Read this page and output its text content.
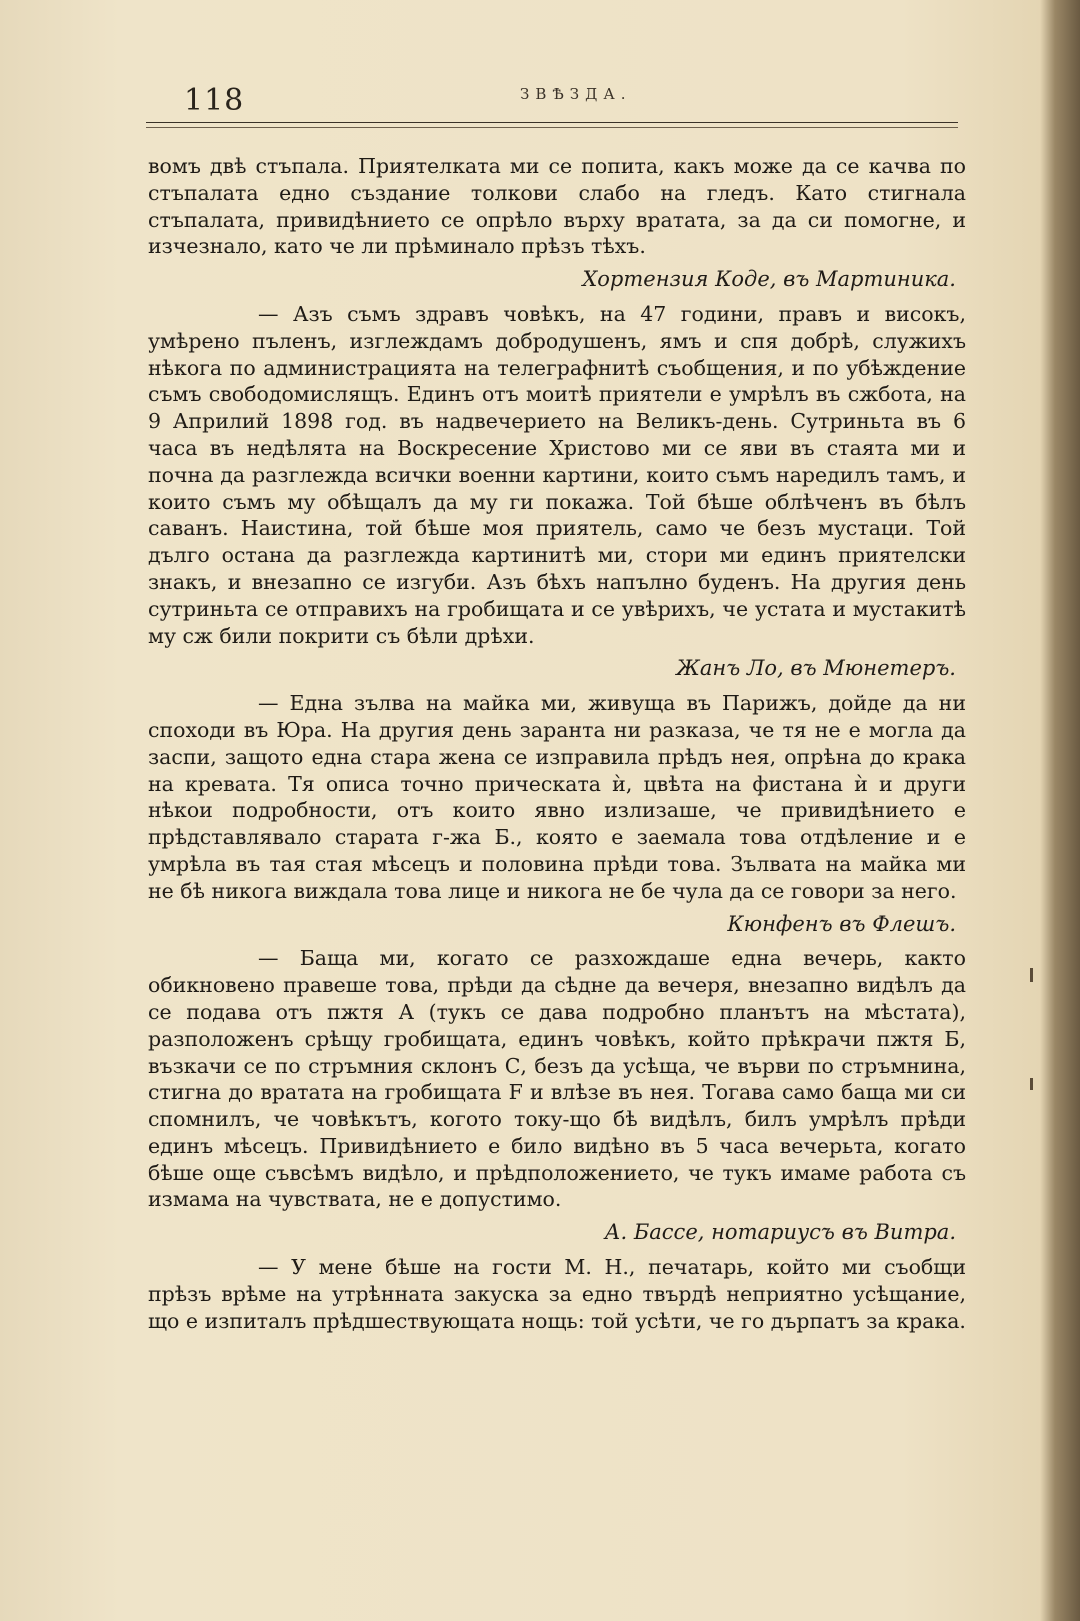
118	ЗВѢЗДА.

вомъ двѣ стъпала. Приятелката ми се попита, какъ може да се качва по стъпалата едно създание толкови слабо на гледъ. Като стигнала стъпалата, привидѣнието се опрѣло върху вратата, за да си помогне, и изчезнало, като че ли прѣминало прѣзъ тѣхъ.

Хортензия Коде, въ Мартиника.

— Азъ съмъ здравъ човѣкъ, на 47 години, правъ и високъ, умѣрено пъленъ, изглеждамъ добродушенъ, ямъ и спя добрѣ, служихъ нѣкога по администрацията на телеграфнитѣ съобщения, и по убѣждение съмъ свободомислящъ. Единъ отъ моитѣ приятели е умрѣлъ въ сжбота, на 9 Априлий 1898 год. въ надвечерието на Великъ-день. Сутриньта въ 6 часа въ недѣлята на Воскресение Христово ми се яви въ стаята ми и почна да разглежда всички военни картини, които съмъ наредилъ тамъ, и които съмъ му обѣщалъ да му ги покажа. Той бѣше облѣченъ въ бѣлъ саванъ. Наистина, той бѣше моя приятель, само че безъ мустаци. Той дълго остана да разглежда картинитѣ ми, стори ми единъ приятелски знакъ, и внезапно се изгуби. Азъ бѣхъ напълно буденъ. На другия день сутриньта се отправихъ на гробищата и се увѣрихъ, че устата и мустакитѣ му сж били покрити съ бѣли дрѣхи.

Жанъ Ло, въ Мюнетеръ.

— Една зълва на майка ми, живуща въ Парижъ, дойде да ни споходи въ Юра. На другия день заранта ни разказа, че тя не е могла да заспи, защото една стара жена се изправила прѣдъ нея, опрѣна до крака на кревата. Тя описа точно прическата ѝ, цвѣта на фистана ѝ и други нѣкои подробности, отъ които явно излизаше, че привидѣнието е прѣдставлявало старата г-жа Б., която е заемала това отдѣление и е умрѣла въ тая стая мѣсецъ и половина прѣди това. Зълвата на майка ми не бѣ никога виждала това лице и никога не бе чула да се говори за него.

Кюнфенъ въ Флешъ.

— Баща ми, когато се разхождаше една вечерь, както обикновено правеше това, прѣди да сѣдне да вечеря, внезапно видѣлъ да се подава отъ пжтя А (тукъ се дава подробно планътъ на мѣстата), разположенъ срѣщу гробищата, единъ човѣкъ, който прѣкрачи пжтя Б, възкачи се по стръмния склонъ С, безъ да усѣща, че върви по стръмнина, стигна до вратата на гробищата F и влѣзе въ нея. Тогава само баща ми си спомнилъ, че човѣкътъ, когото току-що бѣ видѣлъ, билъ умрѣлъ прѣди единъ мѣсецъ. Привидѣнието е било видѣно въ 5 часа вечерьта, когато бѣше още съвсѣмъ видѣло, и прѣдположението, че тукъ имаме работа съ измама на чувствата, не е допустимо.

А. Бассе, нотариусъ въ Витра.

— У мене бѣше на гости М. Н., печатарь, който ми съобщи прѣзъ врѣме на утрѣнната закуска за едно твърдѣ неприятно усѣщание, що е изпиталъ прѣдшествующата нощь: той усѣти, че го дърпатъ за крака.
